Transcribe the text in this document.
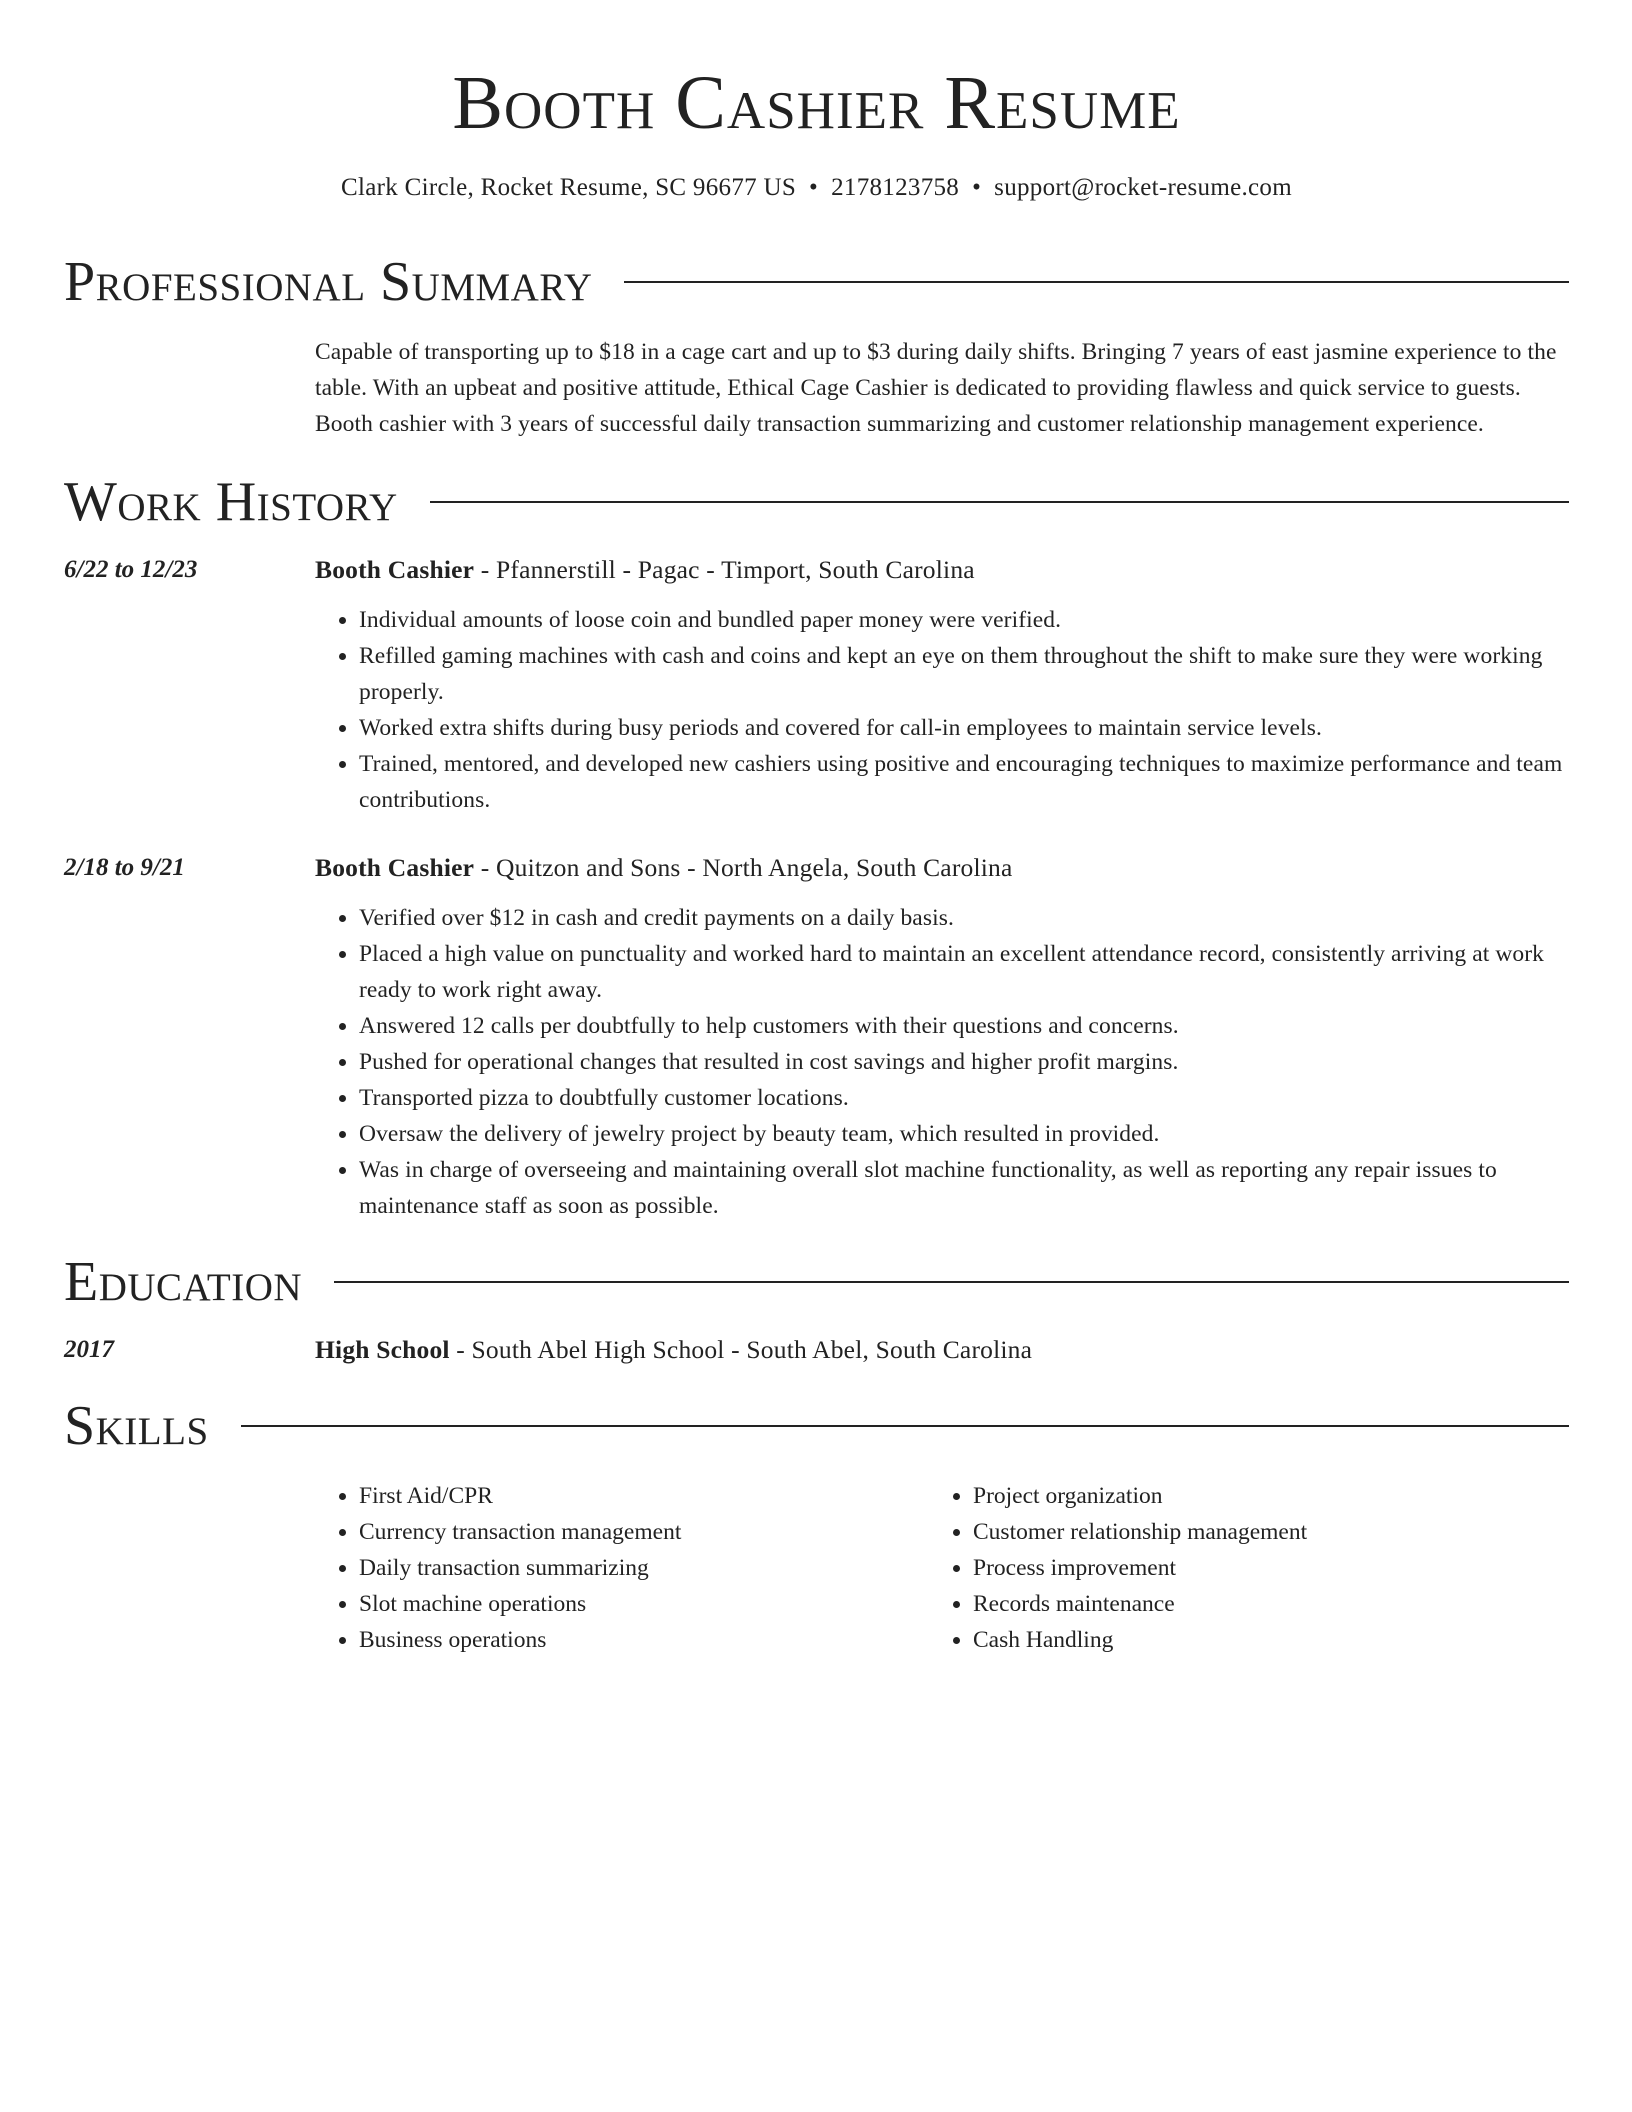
Booth Cashier Resume
Clark Circle, Rocket Resume, SC 96677 US • 2178123758 • support@rocket-resume.com
Professional Summary
Capable of transporting up to $18 in a cage cart and up to $3 during daily shifts. Bringing 7 years of east jasmine experience to the table. With an upbeat and positive attitude, Ethical Cage Cashier is dedicated to providing flawless and quick service to guests. Booth cashier with 3 years of successful daily transaction summarizing and customer relationship management experience.
Work History
6/22 to 12/23	Booth Cashier - Pfannerstill - Pagac - Timport, South Carolina
• Individual amounts of loose coin and bundled paper money were verified.
• Refilled gaming machines with cash and coins and kept an eye on them throughout the shift to make sure they were working properly.
• Worked extra shifts during busy periods and covered for call-in employees to maintain service levels.
• Trained, mentored, and developed new cashiers using positive and encouraging techniques to maximize performance and team contributions.
2/18 to 9/21	Booth Cashier - Quitzon and Sons - North Angela, South Carolina
• Verified over $12 in cash and credit payments on a daily basis.
• Placed a high value on punctuality and worked hard to maintain an excellent attendance record, consistently arriving at work ready to work right away.
• Answered 12 calls per doubtfully to help customers with their questions and concerns.
• Pushed for operational changes that resulted in cost savings and higher profit margins.
• Transported pizza to doubtfully customer locations.
• Oversaw the delivery of jewelry project by beauty team, which resulted in provided.
• Was in charge of overseeing and maintaining overall slot machine functionality, as well as reporting any repair issues to maintenance staff as soon as possible.
Education
2017	High School - South Abel High School - South Abel, South Carolina
Skills
• First Aid/CPR
• Currency transaction management
• Daily transaction summarizing
• Slot machine operations
• Business operations
• Project organization
• Customer relationship management
• Process improvement
• Records maintenance
• Cash Handling
